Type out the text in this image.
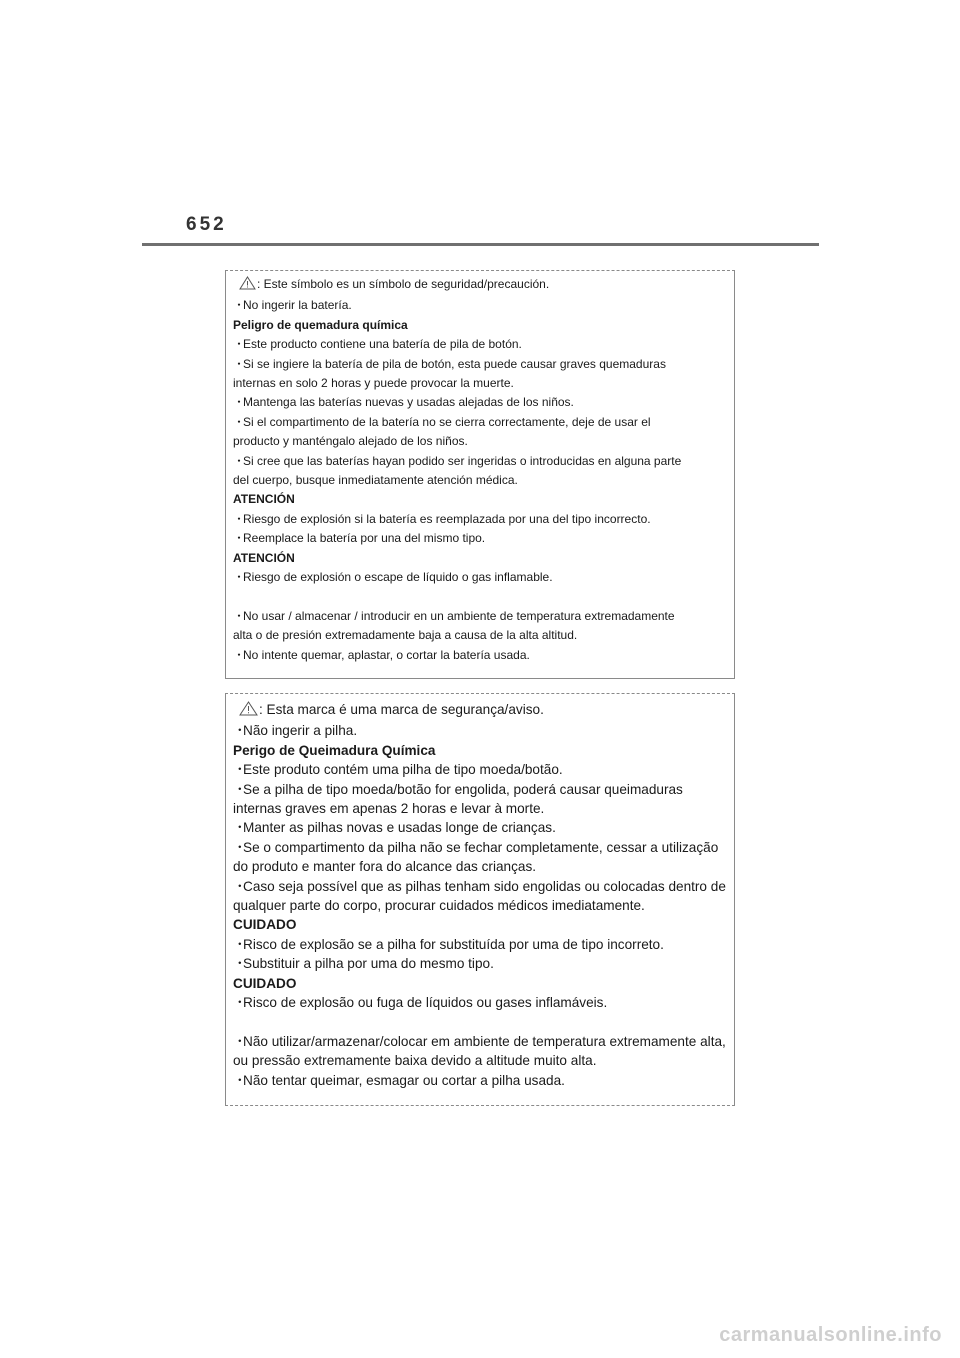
652
: Este símbolo es un símbolo de seguridad/precaución.
・No ingerir la batería.
Peligro de quemadura química
・Este producto contiene una batería de pila de botón.
・Si se ingiere la batería de pila de botón, esta puede causar graves quemaduras
internas en solo 2 horas y puede provocar la muerte.
・Mantenga las baterías nuevas y usadas alejadas de los niños.
・Si el compartimento de la batería no se cierra correctamente, deje de usar el
producto y manténgalo alejado de los niños.
・Si cree que las baterías hayan podido ser ingeridas o introducidas en alguna parte
del cuerpo, busque inmediatamente atención médica.
ATENCIÓN
・Riesgo de explosión si la batería es reemplazada por una del tipo incorrecto.
・Reemplace la batería por una del mismo tipo.
ATENCIÓN
・Riesgo de explosión o escape de líquido o gas inflamable.
・No usar / almacenar / introducir en un ambiente de temperatura extremadamente
alta o de presión extremadamente baja a causa de la alta altitud.
・No intente quemar, aplastar, o cortar la batería usada.
: Esta marca é uma marca de segurança/aviso.
・Não ingerir a pilha.
Perigo de Queimadura Química
・Este produto contém uma pilha de tipo moeda/botão.
・Se a pilha de tipo moeda/botão for engolida, poderá causar queimaduras
internas graves em apenas 2 horas e levar à morte.
・Manter as pilhas novas e usadas longe de crianças.
・Se o compartimento da pilha não se fechar completamente, cessar a utilização
do produto e manter fora do alcance das crianças.
・Caso seja possível que as pilhas tenham sido engolidas ou colocadas dentro de
qualquer parte do corpo, procurar cuidados médicos imediatamente.
CUIDADO
・Risco de explosão se a pilha for substituída por uma de tipo incorreto.
・Substituir a pilha por uma do mesmo tipo.
CUIDADO
・Risco de explosão ou fuga de líquidos ou gases inflamáveis.
・Não utilizar/armazenar/colocar em ambiente de temperatura extremamente alta,
ou pressão extremamente baixa devido a altitude muito alta.
・Não tentar queimar, esmagar ou cortar a pilha usada.
carmanualsonline.info
